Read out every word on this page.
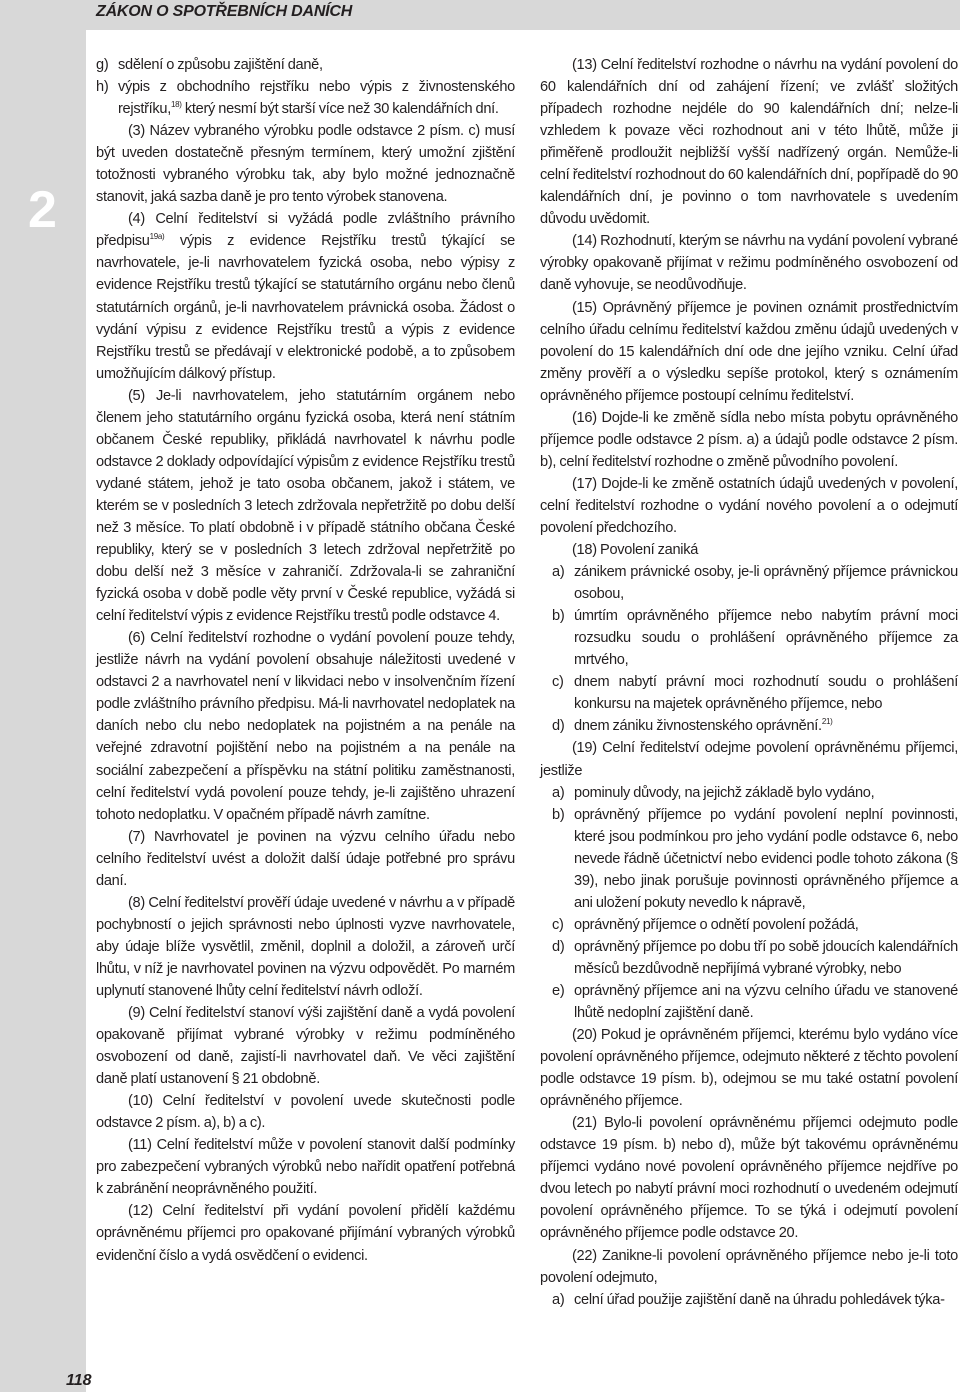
ZÁKON O SPOTŘEBNÍCH DANÍCH
2

g) sdělení o způsobu zajištění daně,

h) výpis z obchodního rejstříku nebo výpis z živnostenského rejstříku,$^{18)}$ který nesmí být starší více než 30 kalendářních dní.

(3) Název vybraného výrobku podle odstavce 2 písm. c) musí být uveden dostatečně přesným termínem, který umožní zjištění totožnosti vybraného výrobku tak, aby bylo možné jednoznačně stanovit, jaká sazba daně je pro tento výrobek stanovena.

(4) Celní ředitelství si vyžádá podle zvláštního právního předpisu$^{19a)}$ výpis z evidence Rejstříku trestů týkající se navrhovatele, je-li navrhovatelem fyzická osoba, nebo výpisy z evidence Rejstříku trestů týkající se statutárního orgánu nebo členů statutárních orgánů, je-li navrhovatelem právnická osoba. Žádost o vydání výpisu z evidence Rejstříku trestů a výpis z evidence Rejstříku trestů se předávají v elektronické podobě, a to způsobem umožňujícím dálkový přístup.

(5) Je-li navrhovatelem, jeho statutárním orgánem nebo členem jeho statutárního orgánu fyzická osoba, která není státním občanem České republiky, přikládá navrhovatel k návrhu podle odstavce 2 doklady odpovídající výpisům z evidence Rejstříku trestů vydané státem, jehož je tato osoba občanem, jakož i státem, ve kterém se v posledních 3 letech zdržovala nepřetržitě po dobu delší než 3 měsíce. To platí obdobně i v případě státního občana České republiky, který se v posledních 3 letech zdržoval nepřetržitě po dobu delší než 3 měsíce v zahraničí. Zdržovala-li se zahraniční fyzická osoba v době podle věty první v České republice, vyžádá si celní ředitelství výpis z evidence Rejstříku trestů podle odstavce 4.

(6) Celní ředitelství rozhodne o vydání povolení pouze tehdy, jestliže návrh na vydání povolení obsahuje náležitosti uvedené v odstavci 2 a navrhovatel není v likvidaci nebo v insolvenčním řízení podle zvláštního právního předpisu. Má-li navrhovatel nedoplatek na daních nebo clu nebo nedoplatek na pojistném a na penále na veřejné zdravotní pojištění nebo na pojistném a na penále na sociální zabezpečení a příspěvku na státní politiku zaměstnanosti, celní ředitelství vydá povolení pouze tehdy, je-li zajištěno uhrazení tohoto nedoplatku. V opačném případě návrh zamítne.

(7) Navrhovatel je povinen na výzvu celního úřadu nebo celního ředitelství uvést a doložit další údaje potřebné pro správu daní.

(8) Celní ředitelství prověří údaje uvedené v návrhu a v případě pochybností o jejich správnosti nebo úplnosti vyzve navrhovatele, aby údaje blíže vysvětlil, změnil, doplnil a doložil, a zároveň určí lhůtu, v níž je navrhovatel povinen na výzvu odpovědět. Po marném uplynutí stanovené lhůty celní ředitelství návrh odloží.

(9) Celní ředitelství stanoví výši zajištění daně a vydá povolení opakovaně přijímat vybrané výrobky v režimu podmíněného osvobození od daně, zajistí-li navrhovatel daň. Ve věci zajištění daně platí ustanovení § 21 obdobně.

(10) Celní ředitelství v povolení uvede skutečnosti podle odstavce 2 písm. a), b) a c).

(11) Celní ředitelství může v povolení stanovit další podmínky pro zabezpečení vybraných výrobků nebo nařídit opatření potřebná k zabránění neoprávněného použití.

(12) Celní ředitelství při vydání povolení přidělí každému oprávněnému příjemci pro opakované přijímání vybraných výrobků evidenční číslo a vydá osvědčení o evidenci.

(13) Celní ředitelství rozhodne o návrhu na vydání povolení do 60 kalendářních dní od zahájení řízení; ve zvlášť složitých případech rozhodne nejdéle do 90 kalendářních dní; nelze-li vzhledem k povaze věci rozhodnout ani v této lhůtě, může ji přiměřeně prodloužit nejbližší vyšší nadřízený orgán. Nemůže-li celní ředitelství rozhodnout do 60 kalendářních dní, popřípadě do 90 kalendářních dní, je povinno o tom navrhovatele s uvedením důvodu uvědomit.

(14) Rozhodnutí, kterým se návrhu na vydání povolení vybrané výrobky opakovaně přijímat v režimu podmíněného osvobození od daně vyhovuje, se neodůvodňuje.

(15) Oprávněný příjemce je povinen oznámit prostřednictvím celního úřadu celnímu ředitelství každou změnu údajů uvedených v povolení do 15 kalendářních dní ode dne jejího vzniku. Celní úřad změny prověří a o výsledku sepíše protokol, který s oznámením oprávněného příjemce postoupí celnímu ředitelství.

(16) Dojde-li ke změně sídla nebo místa pobytu oprávněného příjemce podle odstavce 2 písm. a) a údajů podle odstavce 2 písm. b), celní ředitelství rozhodne o změně původního povolení.

(17) Dojde-li ke změně ostatních údajů uvedených v povolení, celní ředitelství rozhodne o vydání nového povolení a o odejmutí povolení předchozího.

(18) Povolení zaniká

a) zánikem právnické osoby, je-li oprávněný příjemce právnickou osobou,

b) úmrtím oprávněného příjemce nebo nabytím právní moci rozsudku soudu o prohlášení oprávněného příjemce za mrtvého,

c) dnem nabytí právní moci rozhodnutí soudu o prohlášení konkursu na majetek oprávněného příjemce, nebo

d) dnem zániku živnostenského oprávnění.$^{21)}$

(19) Celní ředitelství odejme povolení oprávněnému příjemci, jestliže

a) pominuly důvody, na jejichž základě bylo vydáno,

b) oprávněný příjemce po vydání povolení neplní povinnosti, které jsou podmínkou pro jeho vydání podle odstavce 6, nebo nevede řádně účetnictví nebo evidenci podle tohoto zákona (§ 39), nebo jinak porušuje povinnosti oprávněného příjemce a ani uložení pokuty nevedlo k nápravě,

c) oprávněný příjemce o odnětí povolení požádá,

d) oprávněný příjemce po dobu tří po sobě jdoucích kalendářních měsíců bezdůvodně nepřijímá vybrané výrobky, nebo

e) oprávněný příjemce ani na výzvu celního úřadu ve stanovené lhůtě nedoplní zajištění daně.

(20) Pokud je oprávněném příjemci, kterému bylo vydáno více povolení oprávněného příjemce, odejmuto některé z těchto povolení podle odstavce 19 písm. b), odejmou se mu také ostatní povolení oprávněného příjemce.

(21) Bylo-li povolení oprávněnému příjemci odejmuto podle odstavce 19 písm. b) nebo d), může být takovému oprávněnému příjemci vydáno nové povolení oprávněného příjemce nejdříve po dvou letech po nabytí právní moci rozhodnutí o uvedeném odejmutí povolení oprávněného příjemce. To se týká i odejmutí povolení oprávněného příjemce podle odstavce 20.

(22) Zanikne-li povolení oprávněného příjemce nebo je-li toto povolení odejmuto,

a) celní úřad použije zajištění daně na úhradu pohledávek týka-

118
